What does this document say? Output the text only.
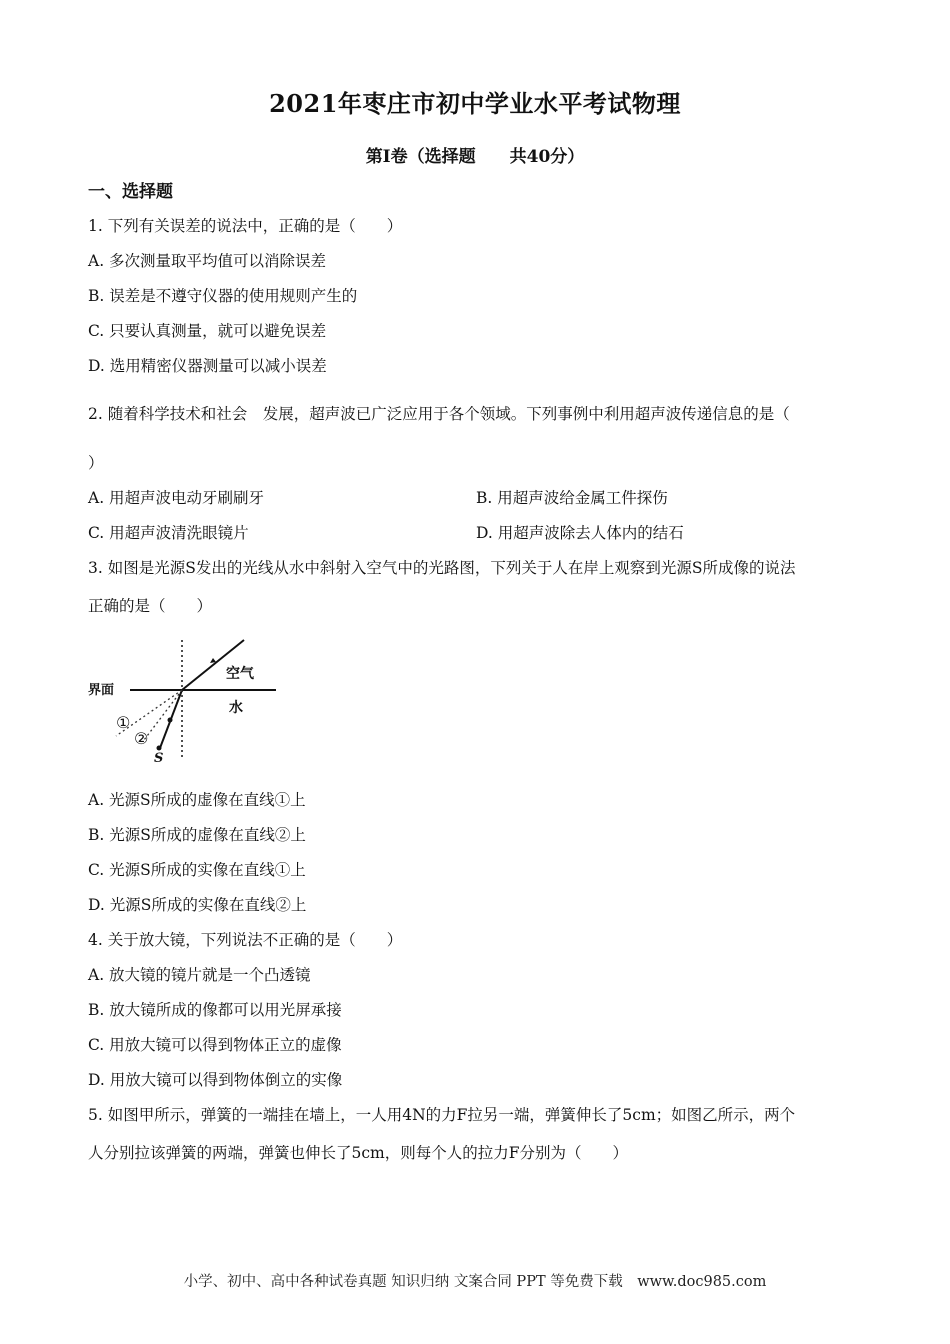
2021年枣庄市初中学业水平考试物理
第Ⅰ卷（选择题　　共40分）
一、选择题
1. 下列有关误差的说法中，正确的是（　　）
A. 多次测量取平均值可以消除误差
B. 误差是不遵守仪器的使用规则产生的
C. 只要认真测量，就可以避免误差
D. 选用精密仪器测量可以减小误差
2. 随着科学技术和社会　发展，超声波已广泛应用于各个领域。下列事例中利用超声波传递信息的是（
）
A. 用超声波电动牙刷刷牙	B. 用超声波给金属工件探伤
C. 用超声波清洗眼镜片	D. 用超声波除去人体内的结石
3. 如图是光源S发出的光线从水中斜射入空气中的光路图，下列关于人在岸上观察到光源S所成像的说法
正确的是（　　）
界面
空气
水
①
②
S
A. 光源S所成的虚像在直线①上
B. 光源S所成的虚像在直线②上
C. 光源S所成的实像在直线①上
D. 光源S所成的实像在直线②上
4. 关于放大镜，下列说法不正确的是（　　）
A. 放大镜的镜片就是一个凸透镜
B. 放大镜所成的像都可以用光屏承接
C. 用放大镜可以得到物体正立的虚像
D. 用放大镜可以得到物体倒立的实像
5. 如图甲所示，弹簧的一端挂在墙上，一人用4N的力F拉另一端，弹簧伸长了5cm；如图乙所示，两个
人分别拉该弹簧的两端，弹簧也伸长了5cm，则每个人的拉力F分别为（　　）
小学、初中、高中各种试卷真题 知识归纳 文案合同 PPT 等免费下载　www.doc985.com
